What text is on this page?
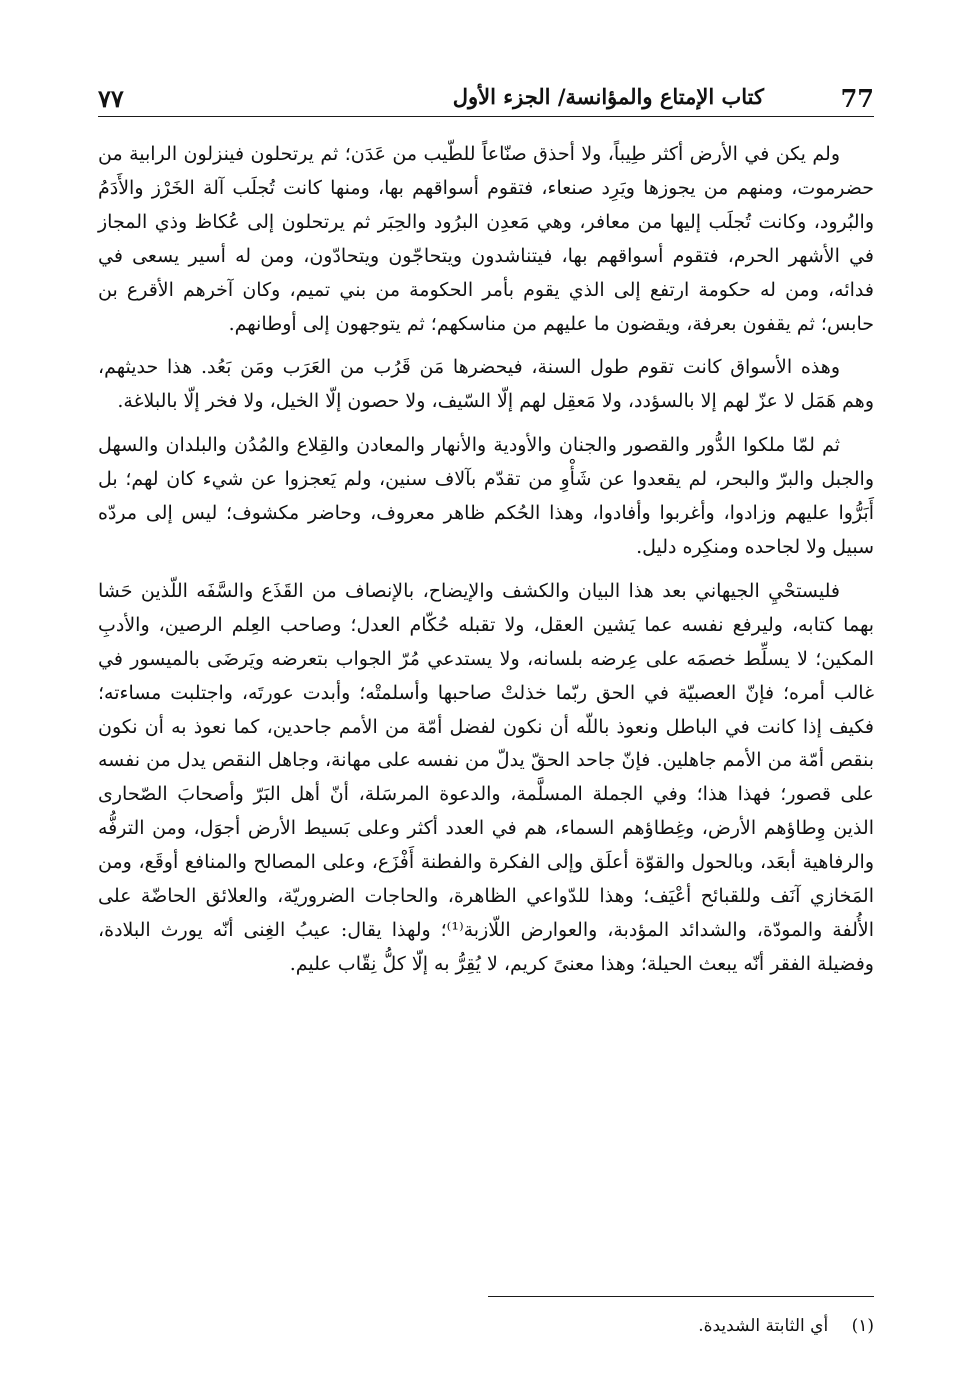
77
كتاب الإمتاع والمؤانسة/ الجزء الأول
٧٧

ولم يكن في الأرض أكثر طِيباً، ولا أحذق صنّاعاً للطّيب من عَدَن؛ ثم يرتحلون فينزلون الرابية من حضرموت، ومنهم من يجوزها ويَرِد صنعاء، فتقوم أسواقهم بها، ومنها كانت تُجلَب آلة الخَرْز والأَدَمُ والبُرود، وكانت تُجلَب إليها من معافر، وهي مَعدِن البرُود والحِبَر ثم يرتحلون إلى عُكاظ وذي المجاز في الأشهر الحرم، فتقوم أسواقهم بها، فيتناشدون ويتحاجّون ويتحادّون، ومن له أسير يسعى في فدائه، ومن له حكومة ارتفع إلى الذي يقوم بأمر الحكومة من بني تميم، وكان آخرهم الأقرع بن حابس؛ ثم يقفون بعرفة، ويقضون ما عليهم من مناسكهم؛ ثم يتوجهون إلى أوطانهم.

وهذه الأسواق كانت تقوم طول السنة، فيحضرها مَن قَرُب من العَرَب ومَن بَعُد. هذا حديثهم، وهم هَمَل لا عزّ لهم إلا بالسؤدد، ولا مَعقِل لهم إلّا السّيف، ولا حصون إلّا الخيل، ولا فخر إلّا بالبلاغة.

ثم لمّا ملكوا الدُّور والقصور والجنان والأودية والأنهار والمعادن والقِلاع والمُدُن والبلدان والسهل والجبل والبرّ والبحر، لم يقعدوا عن شَأْوِ من تقدّم بآلاف سنين، ولم يَعجزوا عن شيء كان لهم؛ بل أَبَرُّوا عليهم وزادوا، وأغربوا وأفادوا، وهذا الحُكم ظاهر معروف، وحاضر مكشوف؛ ليس إلى مردّه سبيل ولا لجاحده ومنكِره دليل.

فليستحْيِ الجيهاني بعد هذا البيان والكشف والإيضاح، بالإنصاف من القَذَع والسَّفَه اللّذين حَشا بهما كتابه، وليرفع نفسه عما يَشين العقل، ولا تقبله حُكّام العدل؛ وصاحب العِلم الرصين، والأدبِ المكين؛ لا يسلِّط خصمَه على عِرضه بلسانه، ولا يستدعي مُرّ الجواب بتعرضه ويَرضَى بالميسور في غالب أمره؛ فإنّ العصبيّة في الحق ربّما خذلتْ صاحبها وأسلمتْه؛ وأبدت عورتَه، واجتلبت مساءته؛ فكيف إذا كانت في الباطل ونعوذ باللّه أن نكون لفضل أمّة من الأمم جاحدين، كما نعوذ به أن نكون بنقص أمّة من الأمم جاهلين. فإنّ جاحد الحقّ يدلّ من نفسه على مهانة، وجاهل النقص يدل من نفسه على قصور؛ فهذا هذا؛ وفي الجملة المسلَّمة، والدعوة المرسَلة، أنّ أهل البَرّ وأصحابَ الصّحارى الذين وِطاؤهم الأرض، وغِطاؤهم السماء، هم في العدد أكثر وعلى بَسيط الأرض أجوَل، ومن الترفُّه والرفاهية أبعَد، وبالحول والقوّة أعلَق وإلى الفكرة والفطنة أَفْزَع، وعلى المصالح والمنافع أوقَع، ومن المَخازي آنَف وللقبائح أعْيَف؛ وهذا للدّواعي الظاهرة، والحاجات الضروريّة، والعلائق الحاضّة على الأُلفة والمودّة، والشدائد المؤدبة، والعوارض اللّازبة⁽¹⁾؛ ولهذا يقال: عيبُ الغِنى أنّه يورث البلادة، وفضيلة الفقر أنّه يبعث الحيلة؛ وهذا معنىً كريم، لا يُقِرُّ به إلّا كلُّ نِقّاب عليم.

(١) أي الثابتة الشديدة.
